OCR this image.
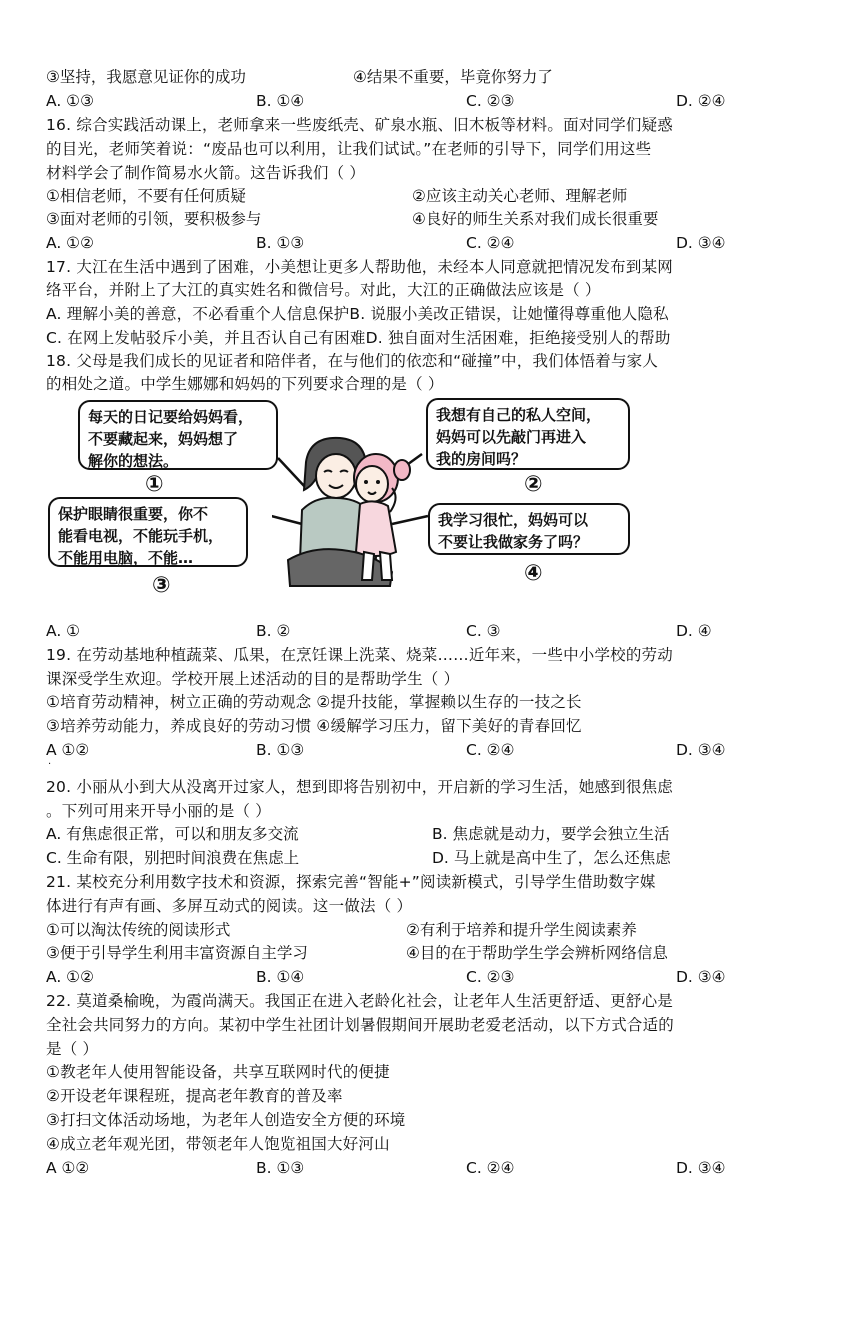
③坚持，我愿意见证你的成功	④结果不重要，毕竟你努力了
A. ①③	B. ①④	C. ②③	D. ②④
16. 综合实践活动课上，老师拿来一些废纸壳、矿泉水瓶、旧木板等材料。面对同学们疑惑
的目光，老师笑着说：“废品也可以利用，让我们试试。”在老师的引导下，同学们用这些
材料学会了制作简易水火箭。这告诉我们（ ）
①相信老师，不要有任何质疑	②应该主动关心老师、理解老师
③面对老师的引领，要积极参与	④良好的师生关系对我们成长很重要
A. ①②	B. ①③	C. ②④	D. ③④
17. 大江在生活中遇到了困难，小美想让更多人帮助他，未经本人同意就把情况发布到某网
络平台，并附上了大江的真实姓名和微信号。对此，大江的正确做法应该是（ ）
A. 理解小美的善意，不必看重个人信息保护B. 说服小美改正错误，让她懂得尊重他人隐私
C. 在网上发帖驳斥小美，并且否认自己有困难D. 独自面对生活困难，拒绝接受别人的帮助
18. 父母是我们成长的见证者和陪伴者，在与他们的依恋和“碰撞”中，我们体悟着与家人
的相处之道。中学生娜娜和妈妈的下列要求合理的是（ ）
每天的日记要给妈妈看，
不要藏起来，妈妈想了
解你的想法。
①
我想有自己的私人空间，
妈妈可以先敲门再进入
我的房间吗？
②
保护眼睛很重要，你不
能看电视，不能玩手机，
不能用电脑，不能…
③
我学习很忙，妈妈可以
不要让我做家务了吗？
④
A. ①	B. ②	C. ③	D. ④
19. 在劳动基地种植蔬菜、瓜果，在烹饪课上洗菜、烧菜……近年来，一些中小学校的劳动
课深受学生欢迎。学校开展上述活动的目的是帮助学生（ ）
①培育劳动精神，树立正确的劳动观念 ②提升技能，掌握赖以生存的一技之长
③培养劳动能力，养成良好的劳动习惯 ④缓解学习压力，留下美好的青春回忆
A ①②	B. ①③	C. ②④	D. ③④
·
20. 小丽从小到大从没离开过家人，想到即将告别初中，开启新的学习生活，她感到很焦虑
。下列可用来开导小丽的是（ ）
A. 有焦虑很正常，可以和朋友多交流	B. 焦虑就是动力，要学会独立生活
C. 生命有限，别把时间浪费在焦虑上	D. 马上就是高中生了，怎么还焦虑
21. 某校充分利用数字技术和资源，探索完善“智能+”阅读新模式，引导学生借助数字媒
体进行有声有画、多屏互动式的阅读。这一做法（ ）
①可以淘汰传统的阅读形式	②有利于培养和提升学生阅读素养
③便于引导学生利用丰富资源自主学习	④目的在于帮助学生学会辨析网络信息
A. ①②	B. ①④	C. ②③	D. ③④
22. 莫道桑榆晚，为霞尚满天。我国正在进入老龄化社会，让老年人生活更舒适、更舒心是
全社会共同努力的方向。某初中学生社团计划暑假期间开展助老爱老活动，以下方式合适的
是（ ）
①教老年人使用智能设备，共享互联网时代的便捷
②开设老年课程班，提高老年教育的普及率
③打扫文体活动场地，为老年人创造安全方便的环境
④成立老年观光团，带领老年人饱览祖国大好河山
A ①②	B. ①③	C. ②④	D. ③④
